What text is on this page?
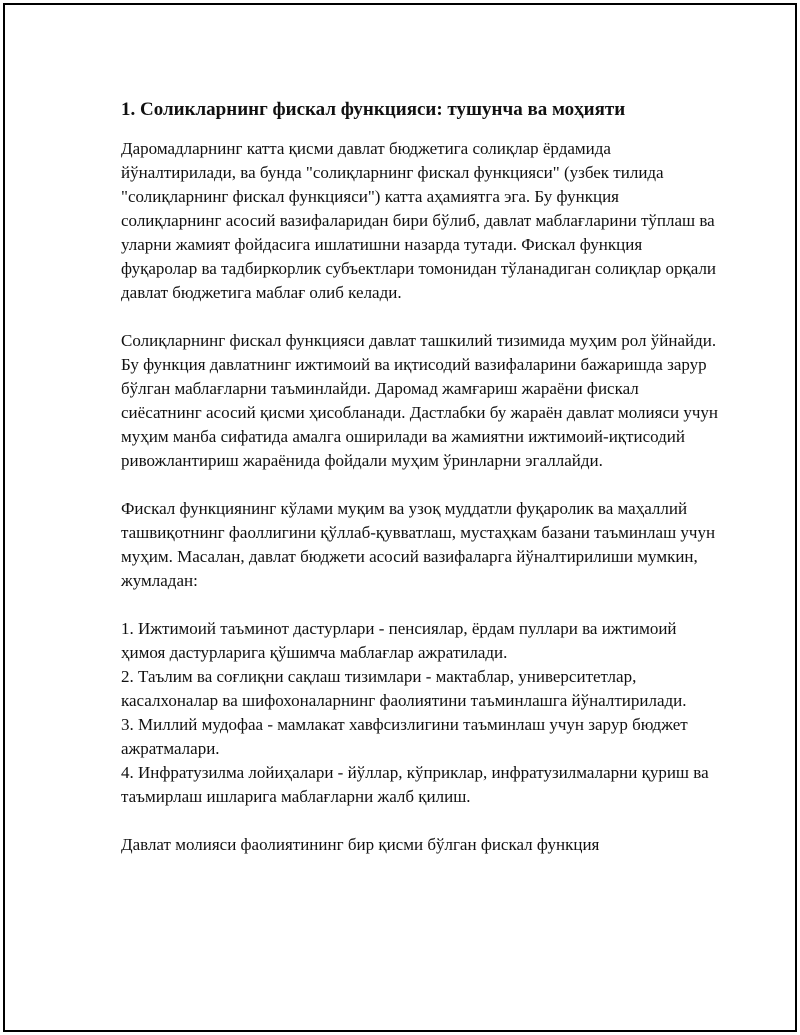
1. Соликларнинг фискал функцияси: тушунча ва моҳияти

Даромадларнинг катта қисми давлат бюджетига солиқлар ёрдамида йўналтирилади, ва бунда "солиқларнинг фискал функцияси" (узбек тилида "солиқларнинг фискал функцияси") катта аҳамиятга эга. Бу функция солиқларнинг асосий вазифаларидан бири бўлиб, давлат маблағларини тўплаш ва уларни жамият фойдасига ишлатишни назарда тутади. Фискал функция фуқаролар ва тадбиркорлик субъектлари томонидан тўланадиган солиқлар орқали давлат бюджетига маблағ олиб келади.

Солиқларнинг фискал функцияси давлат ташкилий тизимида муҳим рол ўйнайди. Бу функция давлатнинг ижтимоий ва иқтисодий вазифаларини бажаришда зарур бўлган маблағларни таъминлайди. Даромад жамғариш жараёни фискал сиёсатнинг асосий қисми ҳисобланади. Дастлабки бу жараён давлат молияси учун муҳим манба сифатида амалга оширилади ва жамиятни ижтимоий-иқтисодий ривожлантириш жараёнида фойдали муҳим ўринларни эгаллайди.

Фискал функциянинг кўлами муқим ва узоқ муддатли фуқаролик ва маҳаллий ташвиқотнинг фаоллигини қўллаб-қувватлаш, мустаҳкам базани таъминлаш учун муҳим. Масалан, давлат бюджети асосий вазифаларга йўналтирилиши мумкин, жумладан:

1. Ижтимоий таъминот дастурлари - пенсиялар, ёрдам пуллари ва ижтимоий ҳимоя дастурларига қўшимча маблағлар ажратилади.
2. Таълим ва соғлиқни сақлаш тизимлари - мактаблар, университетлар, касалхоналар ва шифохоналарнинг фаолиятини таъминлашга йўналтирилади.
3. Миллий мудофаа - мамлакат хавфсизлигини таъминлаш учун зарур бюджет ажратмалари.
4. Инфратузилма лойиҳалари - йўллар, кўприклар, инфратузилмаларни қуриш ва таъмирлаш ишларига маблағларни жалб қилиш.

Давлат молияси фаолиятининг бир қисми бўлган фискал функция
